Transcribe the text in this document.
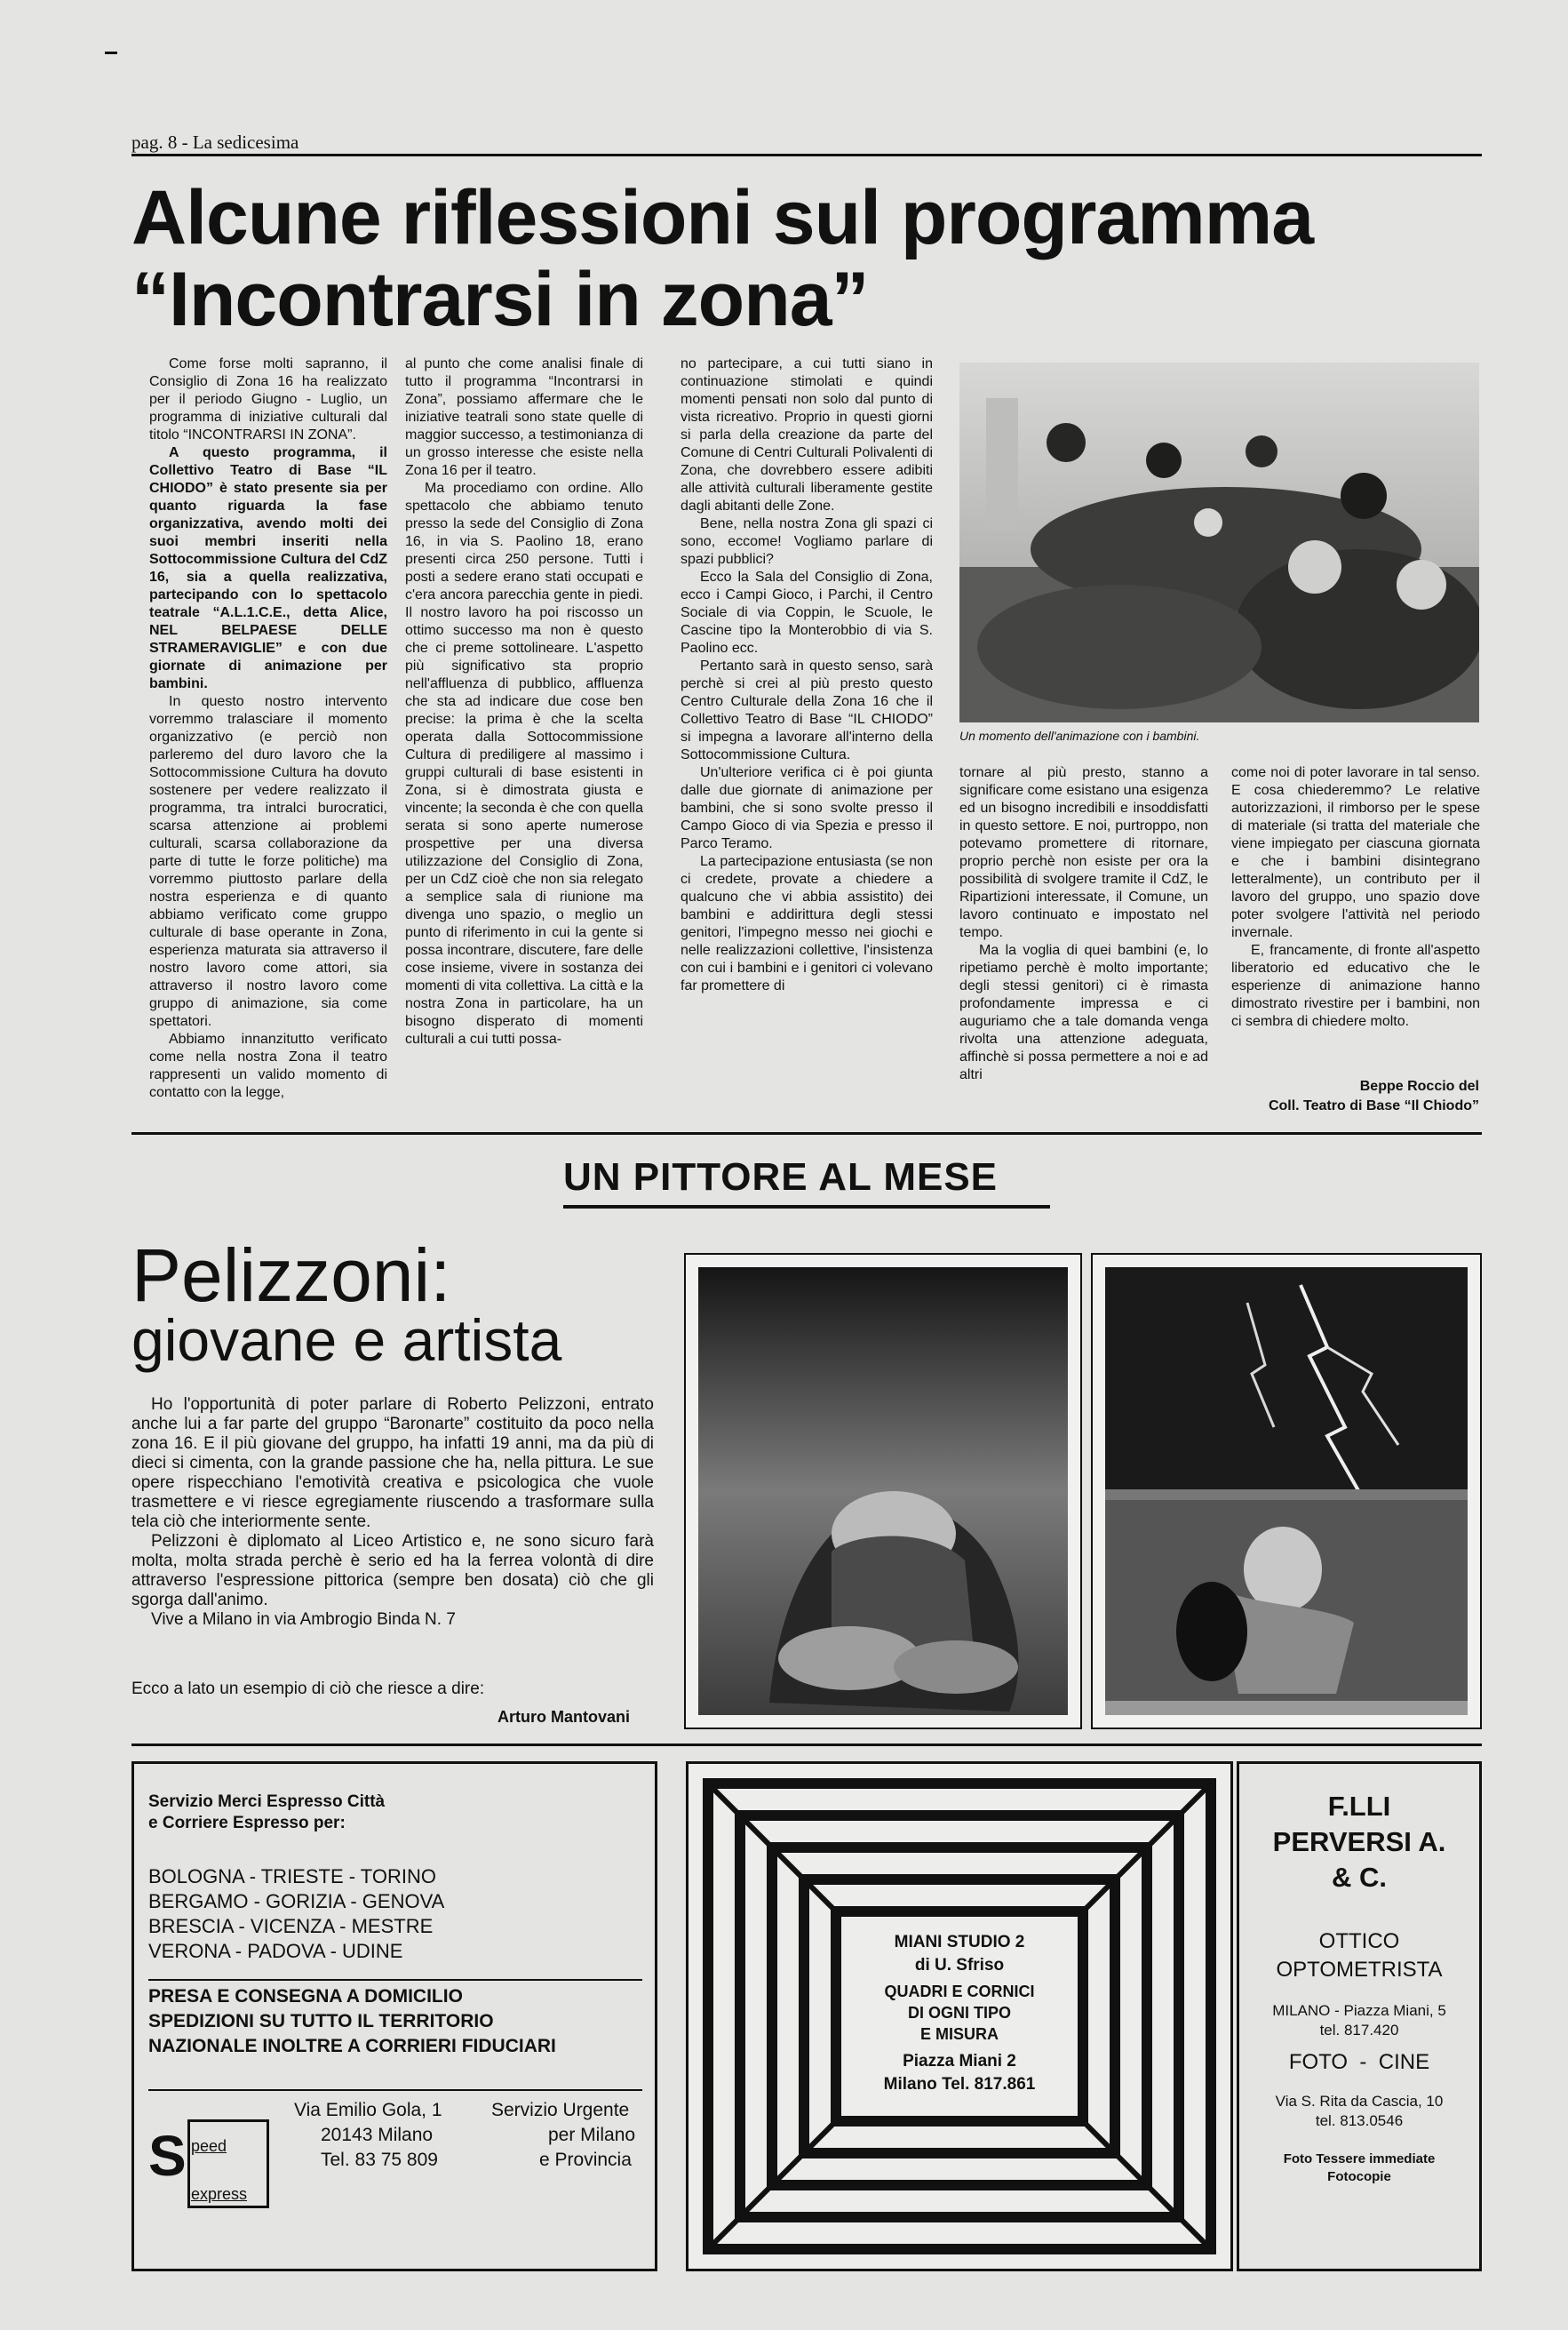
pag. 8 - La sedicesima
Alcune riflessioni sul programma
“Incontrarsi in zona”

Come forse molti sapranno, il Consiglio di Zona 16 ha realizzato per il periodo Giugno - Luglio, un programma di iniziative culturali dal titolo “INCONTRARSI IN ZONA”.

A questo programma, il Collettivo Teatro di Base “IL CHIODO” è stato presente sia per quanto riguarda la fase organizzativa, avendo molti dei suoi membri inseriti nella Sottocommissione Cultura del CdZ 16, sia a quella realizzativa, partecipando con lo spettacolo teatrale “A.L.1.C.E., detta Alice, NEL BELPAESE DELLE STRAMERAVIGLIE” e con due giornate di animazione per bambini.

In questo nostro intervento vorremmo tralasciare il momento organizzativo (e perciò non parleremo del duro lavoro che la Sottocommissione Cultura ha dovuto sostenere per vedere realizzato il programma, tra intralci burocratici, scarsa attenzione ai problemi culturali, scarsa collaborazione da parte di tutte le forze politiche) ma vorremmo piuttosto parlare della nostra esperienza e di quanto abbiamo verificato come gruppo culturale di base operante in Zona, esperienza maturata sia attraverso il nostro lavoro come attori, sia attraverso il nostro lavoro come gruppo di animazione, sia come spettatori.

Abbiamo innanzitutto verificato come nella nostra Zona il teatro rappresenti un valido momento di contatto con la legge,

al punto che come analisi finale di tutto il programma “Incontrarsi in Zona”, possiamo affermare che le iniziative teatrali sono state quelle di maggior successo, a testimonianza di un grosso interesse che esiste nella Zona 16 per il teatro.

Ma procediamo con ordine. Allo spettacolo che abbiamo tenuto presso la sede del Consiglio di Zona 16, in via S. Paolino 18, erano presenti circa 250 persone. Tutti i posti a sedere erano stati occupati e c'era ancora parecchia gente in piedi. Il nostro lavoro ha poi riscosso un ottimo successo ma non è questo che ci preme sottolineare. L'aspetto più significativo sta proprio nell'affluenza di pubblico, affluenza che sta ad indicare due cose ben precise: la prima è che la scelta operata dalla Sottocommissione Cultura di prediligere al massimo i gruppi culturali di base esistenti in Zona, si è dimostrata giusta e vincente; la seconda è che con quella serata si sono aperte numerose prospettive per una diversa utilizzazione del Consiglio di Zona, per un CdZ cioè che non sia relegato a semplice sala di riunione ma divenga uno spazio, o meglio un punto di riferimento in cui la gente si possa incontrare, discutere, fare delle cose insieme, vivere in sostanza dei momenti di vita collettiva. La città e la nostra Zona in particolare, ha un bisogno disperato di momenti culturali a cui tutti possa-

no partecipare, a cui tutti siano in continuazione stimolati e quindi momenti pensati non solo dal punto di vista ricreativo. Proprio in questi giorni si parla della creazione da parte del Comune di Centri Culturali Polivalenti di Zona, che dovrebbero essere adibiti alle attività culturali liberamente gestite dagli abitanti delle Zone.

Bene, nella nostra Zona gli spazi ci sono, eccome! Vogliamo parlare di spazi pubblici?

Ecco la Sala del Consiglio di Zona, ecco i Campi Gioco, i Parchi, il Centro Sociale di via Coppin, le Scuole, le Cascine tipo la Monterobbio di via S. Paolino ecc.

Pertanto sarà in questo senso, sarà perchè si crei al più presto questo Centro Culturale della Zona 16 che il Collettivo Teatro di Base “IL CHIODO” si impegna a lavorare all'interno della Sottocommissione Cultura.

Un'ulteriore verifica ci è poi giunta dalle due giornate di animazione per bambini, che si sono svolte presso il Campo Gioco di via Spezia e presso il Parco Teramo.

La partecipazione entusiasta (se non ci credete, provate a chiedere a qualcuno che vi abbia assistito) dei bambini e addirittura degli stessi genitori, l'impegno messo nei giochi e nelle realizzazioni collettive, l'insistenza con cui i bambini e i genitori ci volevano far promettere di

Un momento dell'animazione con i bambini.

tornare al più presto, stanno a significare come esistano una esigenza ed un bisogno incredibili e insoddisfatti in questo settore. E noi, purtroppo, non potevamo promettere di ritornare, proprio perchè non esiste per ora la possibilità di svolgere tramite il CdZ, le Ripartizioni interessate, il Comune, un lavoro continuato e impostato nel tempo.

Ma la voglia di quei bambini (e, lo ripetiamo perchè è molto importante; degli stessi genitori) ci è rimasta profondamente impressa e ci auguriamo che a tale domanda venga rivolta una attenzione adeguata, affinchè si possa permettere a noi e ad altri

come noi di poter lavorare in tal senso. E cosa chiederemmo? Le relative autorizzazioni, il rimborso per le spese di materiale (si tratta del materiale che viene impiegato per ciascuna giornata e che i bambini disintegrano letteralmente), un contributo per il lavoro del gruppo, uno spazio dove poter svolgere l'attività nel periodo invernale.

E, francamente, di fronte all'aspetto liberatorio ed educativo che le esperienze di animazione hanno dimostrato rivestire per i bambini, non ci sembra di chiedere molto.

Beppe Roccio del
Coll. Teatro di Base “Il Chiodo”
UN PITTORE AL MESE
Pelizzoni:
giovane e artista

Ho l'opportunità di poter parlare di Roberto Pelizzoni, entrato anche lui a far parte del gruppo “Baronarte” costituito da poco nella zona 16. E il più giovane del gruppo, ha infatti 19 anni, ma da più di dieci si cimenta, con la grande passione che ha, nella pittura. Le sue opere rispecchiano l'emotività creativa e psicologica che vuole trasmettere e vi riesce egregiamente riuscendo a trasformare sulla tela ciò che interiormente sente.

Pelizzoni è diplomato al Liceo Artistico e, ne sono sicuro farà molta, molta strada perchè è serio ed ha la ferrea volontà di dire attraverso l'espressione pittorica (sempre ben dosata) ciò che gli sgorga dall'animo.

Vive a Milano in via Ambrogio Binda N. 7

Ecco a lato un esempio di ciò che riesce a dire:
Arturo Mantovani
Servizio Merci Espresso Città
e Corriere Espresso per:
BOLOGNA - TRIESTE - TORINO
BERGAMO - GORIZIA - GENOVA
BRESCIA - VICENZA - MESTRE
VERONA - PADOVA - UDINE
PRESA E CONSEGNA A DOMICILIO
SPEDIZIONI SU TUTTO IL TERRITORIO
NAZIONALE INOLTRE A CORRIERI FIDUCIARI
S peed
express
Via Emilio Gola, 1
20143 Milano
Tel. 83 75 809
Servizio Urgente
per Milano
e Provincia
MIANI STUDIO 2
di U. Sfriso
QUADRI E CORNICI
DI OGNI TIPO
E MISURA
Piazza Miani 2
Milano Tel. 817.861
F.LLI
PERVERSI A.
& C.
OTTICO
OPTOMETRISTA
MILANO - Piazza Miani, 5
tel. 817.420
FOTO  -  CINE
Via S. Rita da Cascia, 10
tel. 813.0546
Foto Tessere immediate
Fotocopie
